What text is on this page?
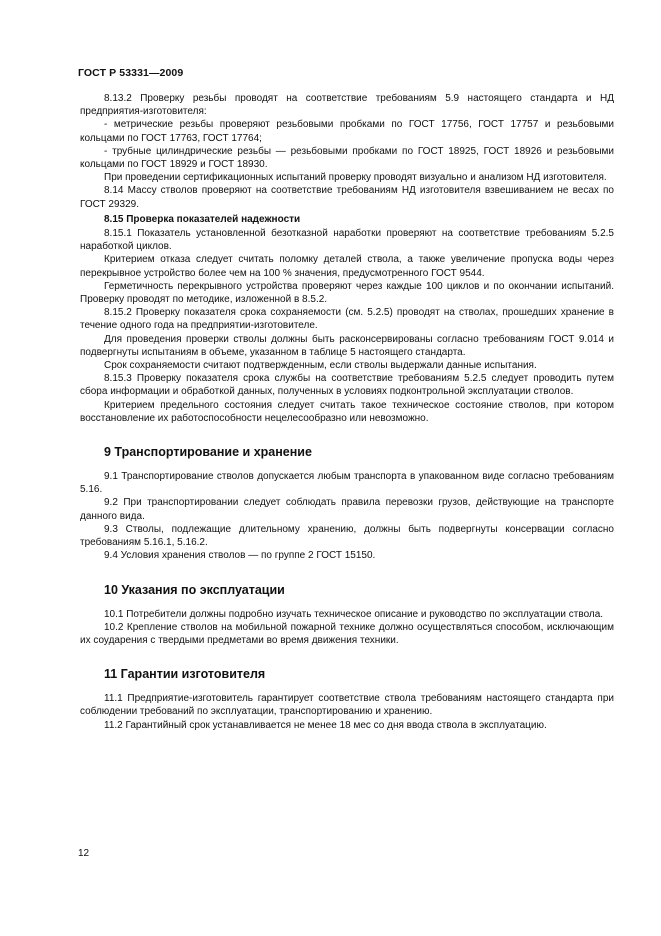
ГОСТ Р 53331—2009

8.13.2 Проверку резьбы проводят на соответствие требованиям 5.9 настоящего стандарта и НД предприятия-изготовителя:

- метрические резьбы проверяют резьбовыми пробками по ГОСТ 17756, ГОСТ 17757 и резьбовыми кольцами по ГОСТ 17763, ГОСТ 17764;

- трубные цилиндрические резьбы — резьбовыми пробками по ГОСТ 18925, ГОСТ 18926 и резьбовыми кольцами по ГОСТ 18929 и ГОСТ 18930.

При проведении сертификационных испытаний проверку проводят визуально и анализом НД изготовителя.

8.14 Массу стволов проверяют на соответствие требованиям НД изготовителя взвешиванием не весах по ГОСТ 29329.

8.15 Проверка показателей надежности

8.15.1 Показатель установленной безотказной наработки проверяют на соответствие требованиям 5.2.5 наработкой циклов.

Критерием отказа следует считать поломку деталей ствола, а также увеличение пропуска воды через перекрывное устройство более чем на 100 % значения, предусмотренного ГОСТ 9544.

Герметичность перекрывного устройства проверяют через каждые 100 циклов и по окончании испытаний. Проверку проводят по методике, изложенной в 8.5.2.

8.15.2 Проверку показателя срока сохраняемости (см. 5.2.5) проводят на стволах, прошедших хранение в течение одного года на предприятии-изготовителе.

Для проведения проверки стволы должны быть расконсервированы согласно требованиям ГОСТ 9.014 и подвергнуты испытаниям в объеме, указанном в таблице 5 настоящего стандарта.

Срок сохраняемости считают подтвержденным, если стволы выдержали данные испытания.

8.15.3 Проверку показателя срока службы на соответствие требованиям 5.2.5 следует проводить путем сбора информации и обработкой данных, полученных в условиях подконтрольной эксплуатации стволов.

Критерием предельного состояния следует считать такое техническое состояние стволов, при котором восстановление их работоспособности нецелесообразно или невозможно.

9 Транспортирование и хранение

9.1 Транспортирование стволов допускается любым транспорта в упакованном виде согласно требованиям 5.16.

9.2 При транспортировании следует соблюдать правила перевозки грузов, действующие на транспорте данного вида.

9.3 Стволы, подлежащие длительному хранению, должны быть подвергнуты консервации согласно требованиям 5.16.1, 5.16.2.

9.4 Условия хранения стволов — по группе 2 ГОСТ 15150.

10 Указания по эксплуатации

10.1 Потребители должны подробно изучать техническое описание и руководство по эксплуатации ствола.

10.2 Крепление стволов на мобильной пожарной технике должно осуществляться способом, исключающим их соударения с твердыми предметами во время движения техники.

11 Гарантии изготовителя

11.1 Предприятие-изготовитель гарантирует соответствие ствола требованиям настоящего стандарта при соблюдении требований по эксплуатации, транспортированию и хранению.

11.2 Гарантийный срок устанавливается не менее 18 мес со дня ввода ствола в эксплуатацию.

12
